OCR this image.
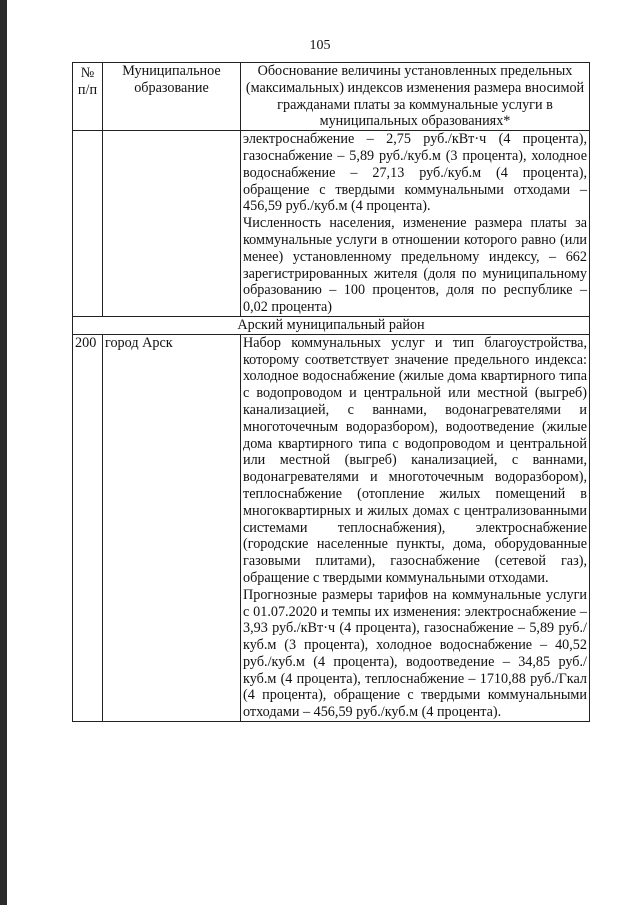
105
№ п/п	Муниципальное образование	Обоснование величины установленных предельных (максимальных) индексов изменения размера вносимой гражданами платы за коммунальные услуги в муниципальных образованиях*

		электроснабжение – 2,75 руб./кВт·ч (4 процента), газоснабжение – 5,89 руб./куб.м (3 процента), холодное водоснабжение – 27,13 руб./куб.м (4 процента), обращение с твердыми коммунальными отходами – 456,59 руб./куб.м (4 процента).

Численность населения, изменение размера платы за коммунальные услуги в отношении которого равно (или менее) установленному предельному индексу, – 662 зарегистрированных жителя (доля по муниципальному образованию – 100 процентов, доля по республике – 0,02 процента)

Арский муниципальный район		
200	город Арск	Набор коммунальных услуг и тип благоустройства, которому соответствует значение предельного индекса: холодное водоснабжение (жилые дома квартирного типа с водопроводом и центральной или местной (выгреб) канализацией, с ваннами, водонагревателями и многоточечным водоразбором), водоотведение (жилые дома квартирного типа с водопроводом и центральной или местной (выгреб) канализацией, с ваннами, водонагревателями и многоточечным водоразбором), теплоснабжение (отопление жилых помещений в многоквартирных и жилых домах с централизованными системами теплоснабжения), электроснабжение (городские населенные пункты, дома, оборудованные газовыми плитами), газоснабжение (сетевой газ), обращение с твердыми коммунальными отходами.

Прогнозные размеры тарифов на коммунальные услуги с 01.07.2020 и темпы их изменения: электроснабжение – 3,93 руб./кВт·ч (4 процента), газоснабжение – 5,89 руб./куб.м (3 процента), холодное водоснабжение – 40,52 руб./куб.м (4 процента), водоотведение – 34,85 руб./куб.м (4 процента), теплоснабжение – 1710,88 руб./Гкал (4 процента), обращение с твердыми коммунальными отходами – 456,59 руб./куб.м (4 процента).
